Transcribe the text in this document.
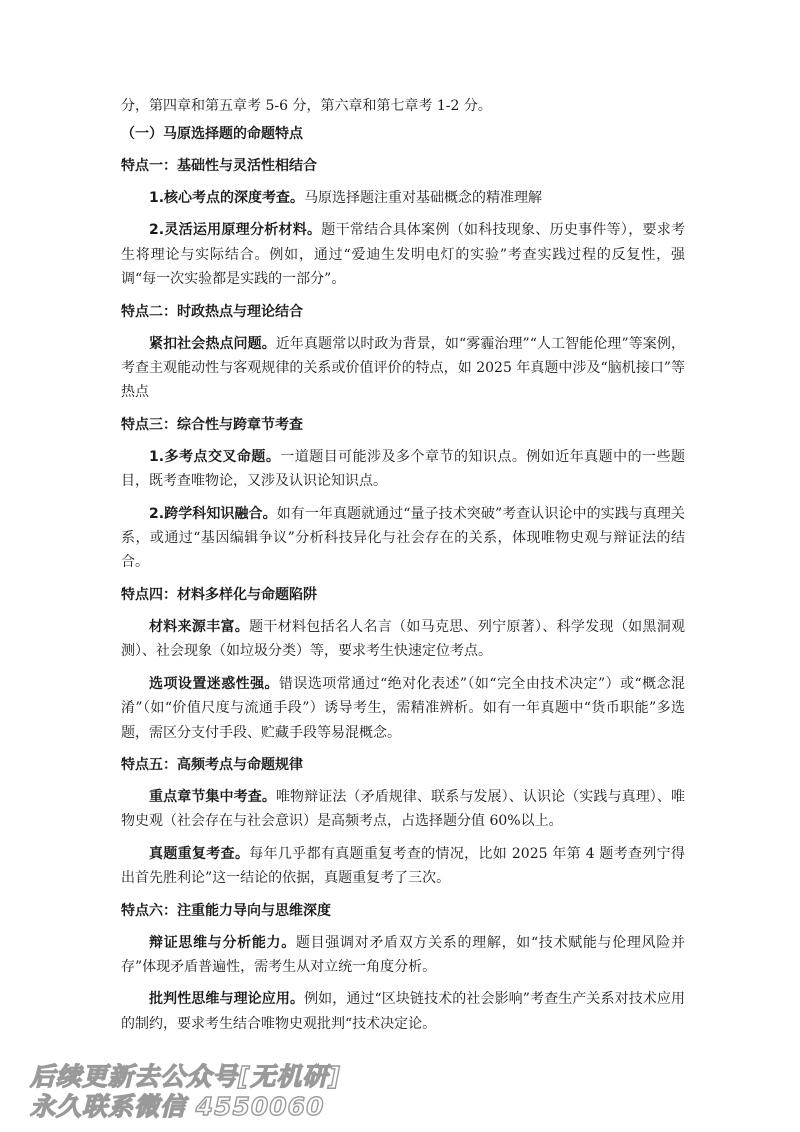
分，第四章和第五章考 5-6 分，第六章和第七章考 1-2 分。

（一）马原选择题的命题特点
特点一：基础性与灵活性相结合

1.核心考点的深度考查。马原选择题注重对基础概念的精准理解

2.灵活运用原理分析材料。题干常结合具体案例（如科技现象、历史事件等），要求考生将理论与实际结合。例如，通过“爱迪生发明电灯的实验”考查实践过程的反复性，强调“每一次实验都是实践的一部分”。

特点二：时政热点与理论结合

紧扣社会热点问题。近年真题常以时政为背景，如“雾霾治理”“人工智能伦理”等案例，考查主观能动性与客观规律的关系或价值评价的特点，如 2025 年真题中涉及“脑机接口”等热点

特点三：综合性与跨章节考查

1.多考点交叉命题。一道题目可能涉及多个章节的知识点。例如近年真题中的一些题目，既考查唯物论，又涉及认识论知识点。

2.跨学科知识融合。如有一年真题就通过“量子技术突破”考查认识论中的实践与真理关系，或通过“基因编辑争议”分析科技异化与社会存在的关系，体现唯物史观与辩证法的结合。

特点四：材料多样化与命题陷阱

材料来源丰富。题干材料包括名人名言（如马克思、列宁原著）、科学发现（如黑洞观测）、社会现象（如垃圾分类）等，要求考生快速定位考点。

选项设置迷惑性强。错误选项常通过“绝对化表述”（如“完全由技术决定”）或“概念混淆”（如“价值尺度与流通手段”）诱导考生，需精准辨析。如有一年真题中“货币职能”多选题，需区分支付手段、贮藏手段等易混概念。

特点五：高频考点与命题规律

重点章节集中考查。唯物辩证法（矛盾规律、联系与发展）、认识论（实践与真理）、唯物史观（社会存在与社会意识）是高频考点，占选择题分值 60%以上。

真题重复考查。每年几乎都有真题重复考查的情况，比如 2025 年第 4 题考查列宁得出首先胜利论”这一结论的依据，真题重复考了三次。

特点六：注重能力导向与思维深度

辩证思维与分析能力。题目强调对矛盾双方关系的理解，如“技术赋能与伦理风险并存”体现矛盾普遍性，需考生从对立统一角度分析。

批判性思维与理论应用。例如，通过“区块链技术的社会影响”考查生产关系对技术应用的制约，要求考生结合唯物史观批判“技术决定论。

后续更新去公众号[无机研]
永久联系微信 4550060
